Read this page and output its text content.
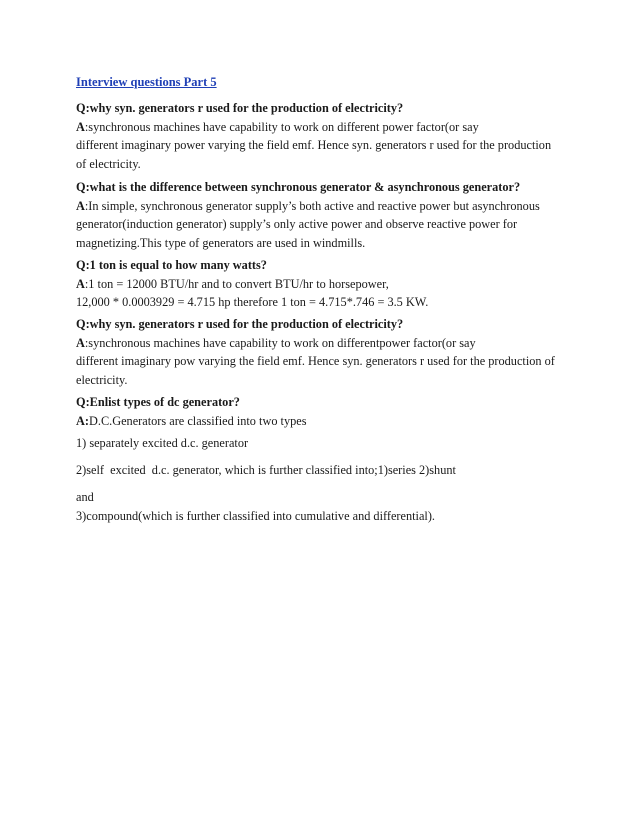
Interview questions Part 5
Q:why syn. generators r used for the production of electricity?
A:synchronous machines have capability to work on different power factor(or say
different imaginary power varying the field emf. Hence syn. generators r used for the production
of electricity.
Q:what is the difference between synchronous generator & asynchronous generator?
A:In simple, synchronous generator supply’s both active and reactive power but asynchronous
generator(induction generator) supply’s only active power and observe reactive power for
magnetizing.This type of generators are used in windmills.
Q:1 ton is equal to how many watts?
A:1 ton = 12000 BTU/hr and to convert BTU/hr to horsepower,
12,000 * 0.0003929 = 4.715 hp therefore 1 ton = 4.715*.746 = 3.5 KW.
Q:why syn. generators r used for the production of electricity?
A:synchronous machines have capability to work on differentpower factor(or say
different imaginary pow varying the field emf. Hence syn. generators r used for the production of
electricity.
Q:Enlist types of dc generator?
A:D.C.Generators are classified into two types
1) separately excited d.c. generator
2)self  excited  d.c. generator, which is further classified into;1)series 2)shunt
and
3)compound(which is further classified into cumulative and differential).
